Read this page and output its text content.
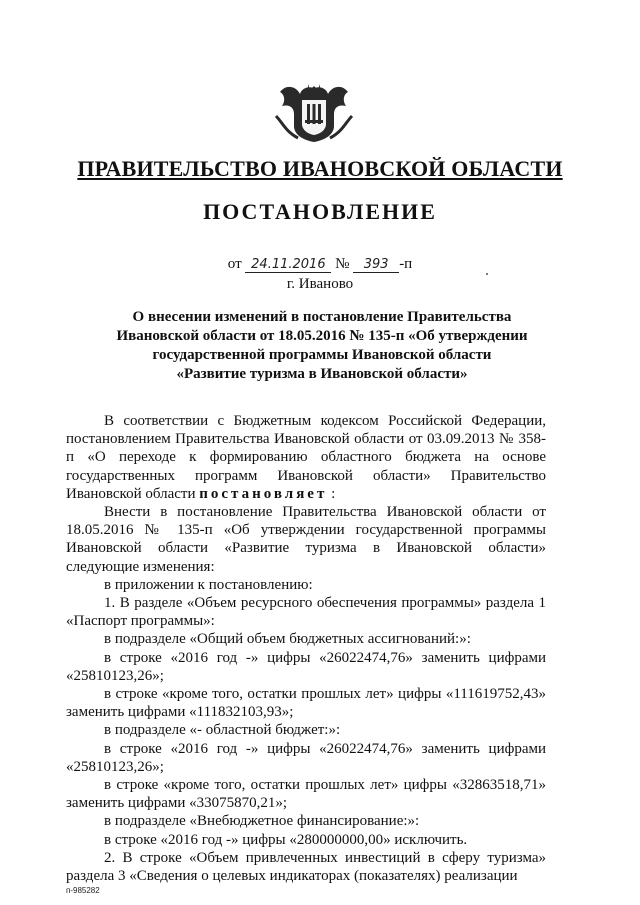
ПРАВИТЕЛЬСТВО ИВАНОВСКОЙ ОБЛАСТИ
ПОСТАНОВЛЕНИЕ
от 24.11.2016 № 393 -п
г. Иваново
О внесении изменений в постановление Правительства
Ивановской области от 18.05.2016 № 135-п «Об утверждении
государственной программы Ивановской области
«Развитие туризма в Ивановской области»

В соответствии с Бюджетным кодексом Российской Федерации, постановлением Правительства Ивановской области от 03.09.2013 № 358-п «О переходе к формированию областного бюджета на основе государственных программ Ивановской области» Правительство Ивановской области постановляет :

Внести в постановление Правительства Ивановской области от 18.05.2016 № 135-п «Об утверждении государственной программы Ивановской области «Развитие туризма в Ивановской области» следующие изменения:

в приложении к постановлению:

1. В разделе «Объем ресурсного обеспечения программы» раздела 1 «Паспорт программы»:

в подразделе «Общий объем бюджетных ассигнований:»:

в строке «2016 год -» цифры «26022474,76» заменить цифрами «25810123,26»;

в строке «кроме того, остатки прошлых лет» цифры «111619752,43» заменить цифрами «111832103,93»;

в подразделе «- областной бюджет:»:

в строке «2016 год -» цифры «26022474,76» заменить цифрами «25810123,26»;

в строке «кроме того, остатки прошлых лет» цифры «32863518,71» заменить цифрами «33075870,21»;

в подразделе «Внебюджетное финансирование:»:

в строке «2016 год -» цифры «280000000,00» исключить.

2. В строке «Объем привлеченных инвестиций в сферу туризма» раздела 3 «Сведения о целевых индикаторах (показателях) реализации

п-985282
